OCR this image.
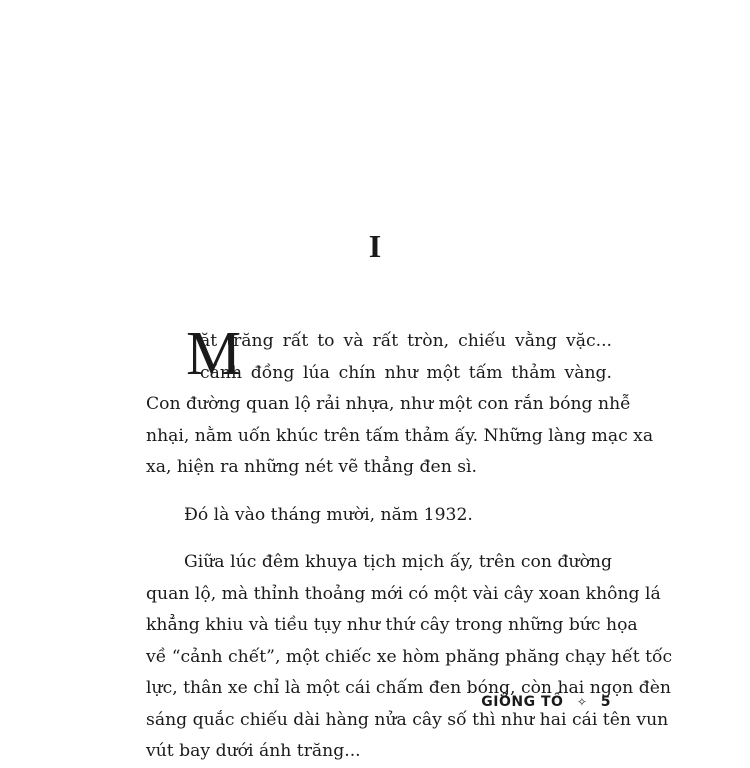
I
M
ặt trăng rất to và rất tròn, chiếu vằng vặc...
cánh đồng lúa chín như một tấm thảm vàng.
Con đường quan lộ rải nhựa, như một con rắn bóng nhễ
nhại, nằm uốn khúc trên tấm thảm ấy. Những làng mạc xa
xa, hiện ra những nét vẽ thẳng đen sì.
Đó là vào tháng mười, năm 1932.
Giữa lúc đêm khuya tịch mịch ấy, trên con đường
quan lộ, mà thỉnh thoảng mới có một vài cây xoan không lá
khẳng khiu và tiều tụy như thứ cây trong những bức họa
về “cảnh chết”, một chiếc xe hòm phăng phăng chạy hết tốc
lực, thân xe chỉ là một cái chấm đen bóng, còn hai ngọn đèn
sáng quắc chiếu dài hàng nửa cây số thì như hai cái tên vun
vút bay dưới ánh trăng...
GIÔNG TỐ ✧ 5
